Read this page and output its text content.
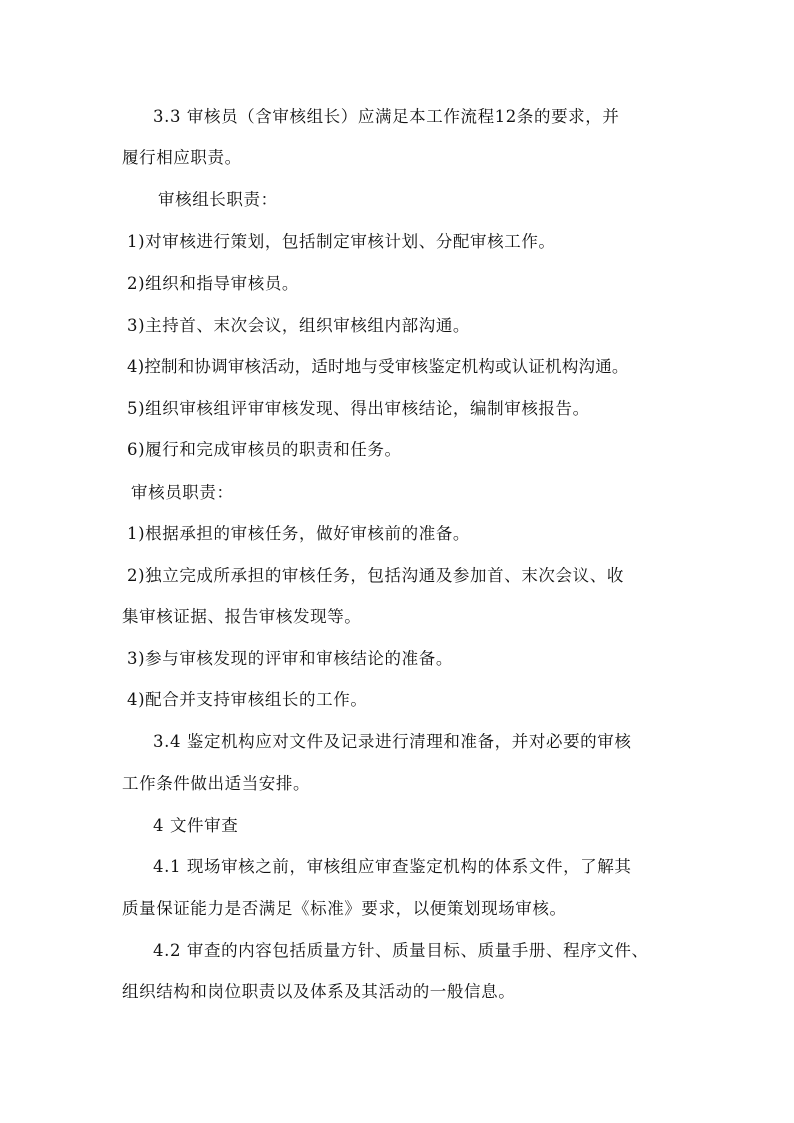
3.3 审核员（含审核组长）应满足本工作流程12条的要求，并
履行相应职责。
审核组长职责：
1)对审核进行策划，包括制定审核计划、分配审核工作。
2)组织和指导审核员。
3)主持首、末次会议，组织审核组内部沟通。
4)控制和协调审核活动，适时地与受审核鉴定机构或认证机构沟通。
5)组织审核组评审审核发现、得出审核结论，编制审核报告。
6)履行和完成审核员的职责和任务。
审核员职责：
1)根据承担的审核任务，做好审核前的准备。
2)独立完成所承担的审核任务，包括沟通及参加首、末次会议、收
集审核证据、报告审核发现等。
3)参与审核发现的评审和审核结论的准备。
4)配合并支持审核组长的工作。
3.4 鉴定机构应对文件及记录进行清理和准备，并对必要的审核
工作条件做出适当安排。
4 文件审查
4.1 现场审核之前，审核组应审查鉴定机构的体系文件，了解其
质量保证能力是否满足《标准》要求，以便策划现场审核。
4.2 审查的内容包括质量方针、质量目标、质量手册、程序文件、
组织结构和岗位职责以及体系及其活动的一般信息。
